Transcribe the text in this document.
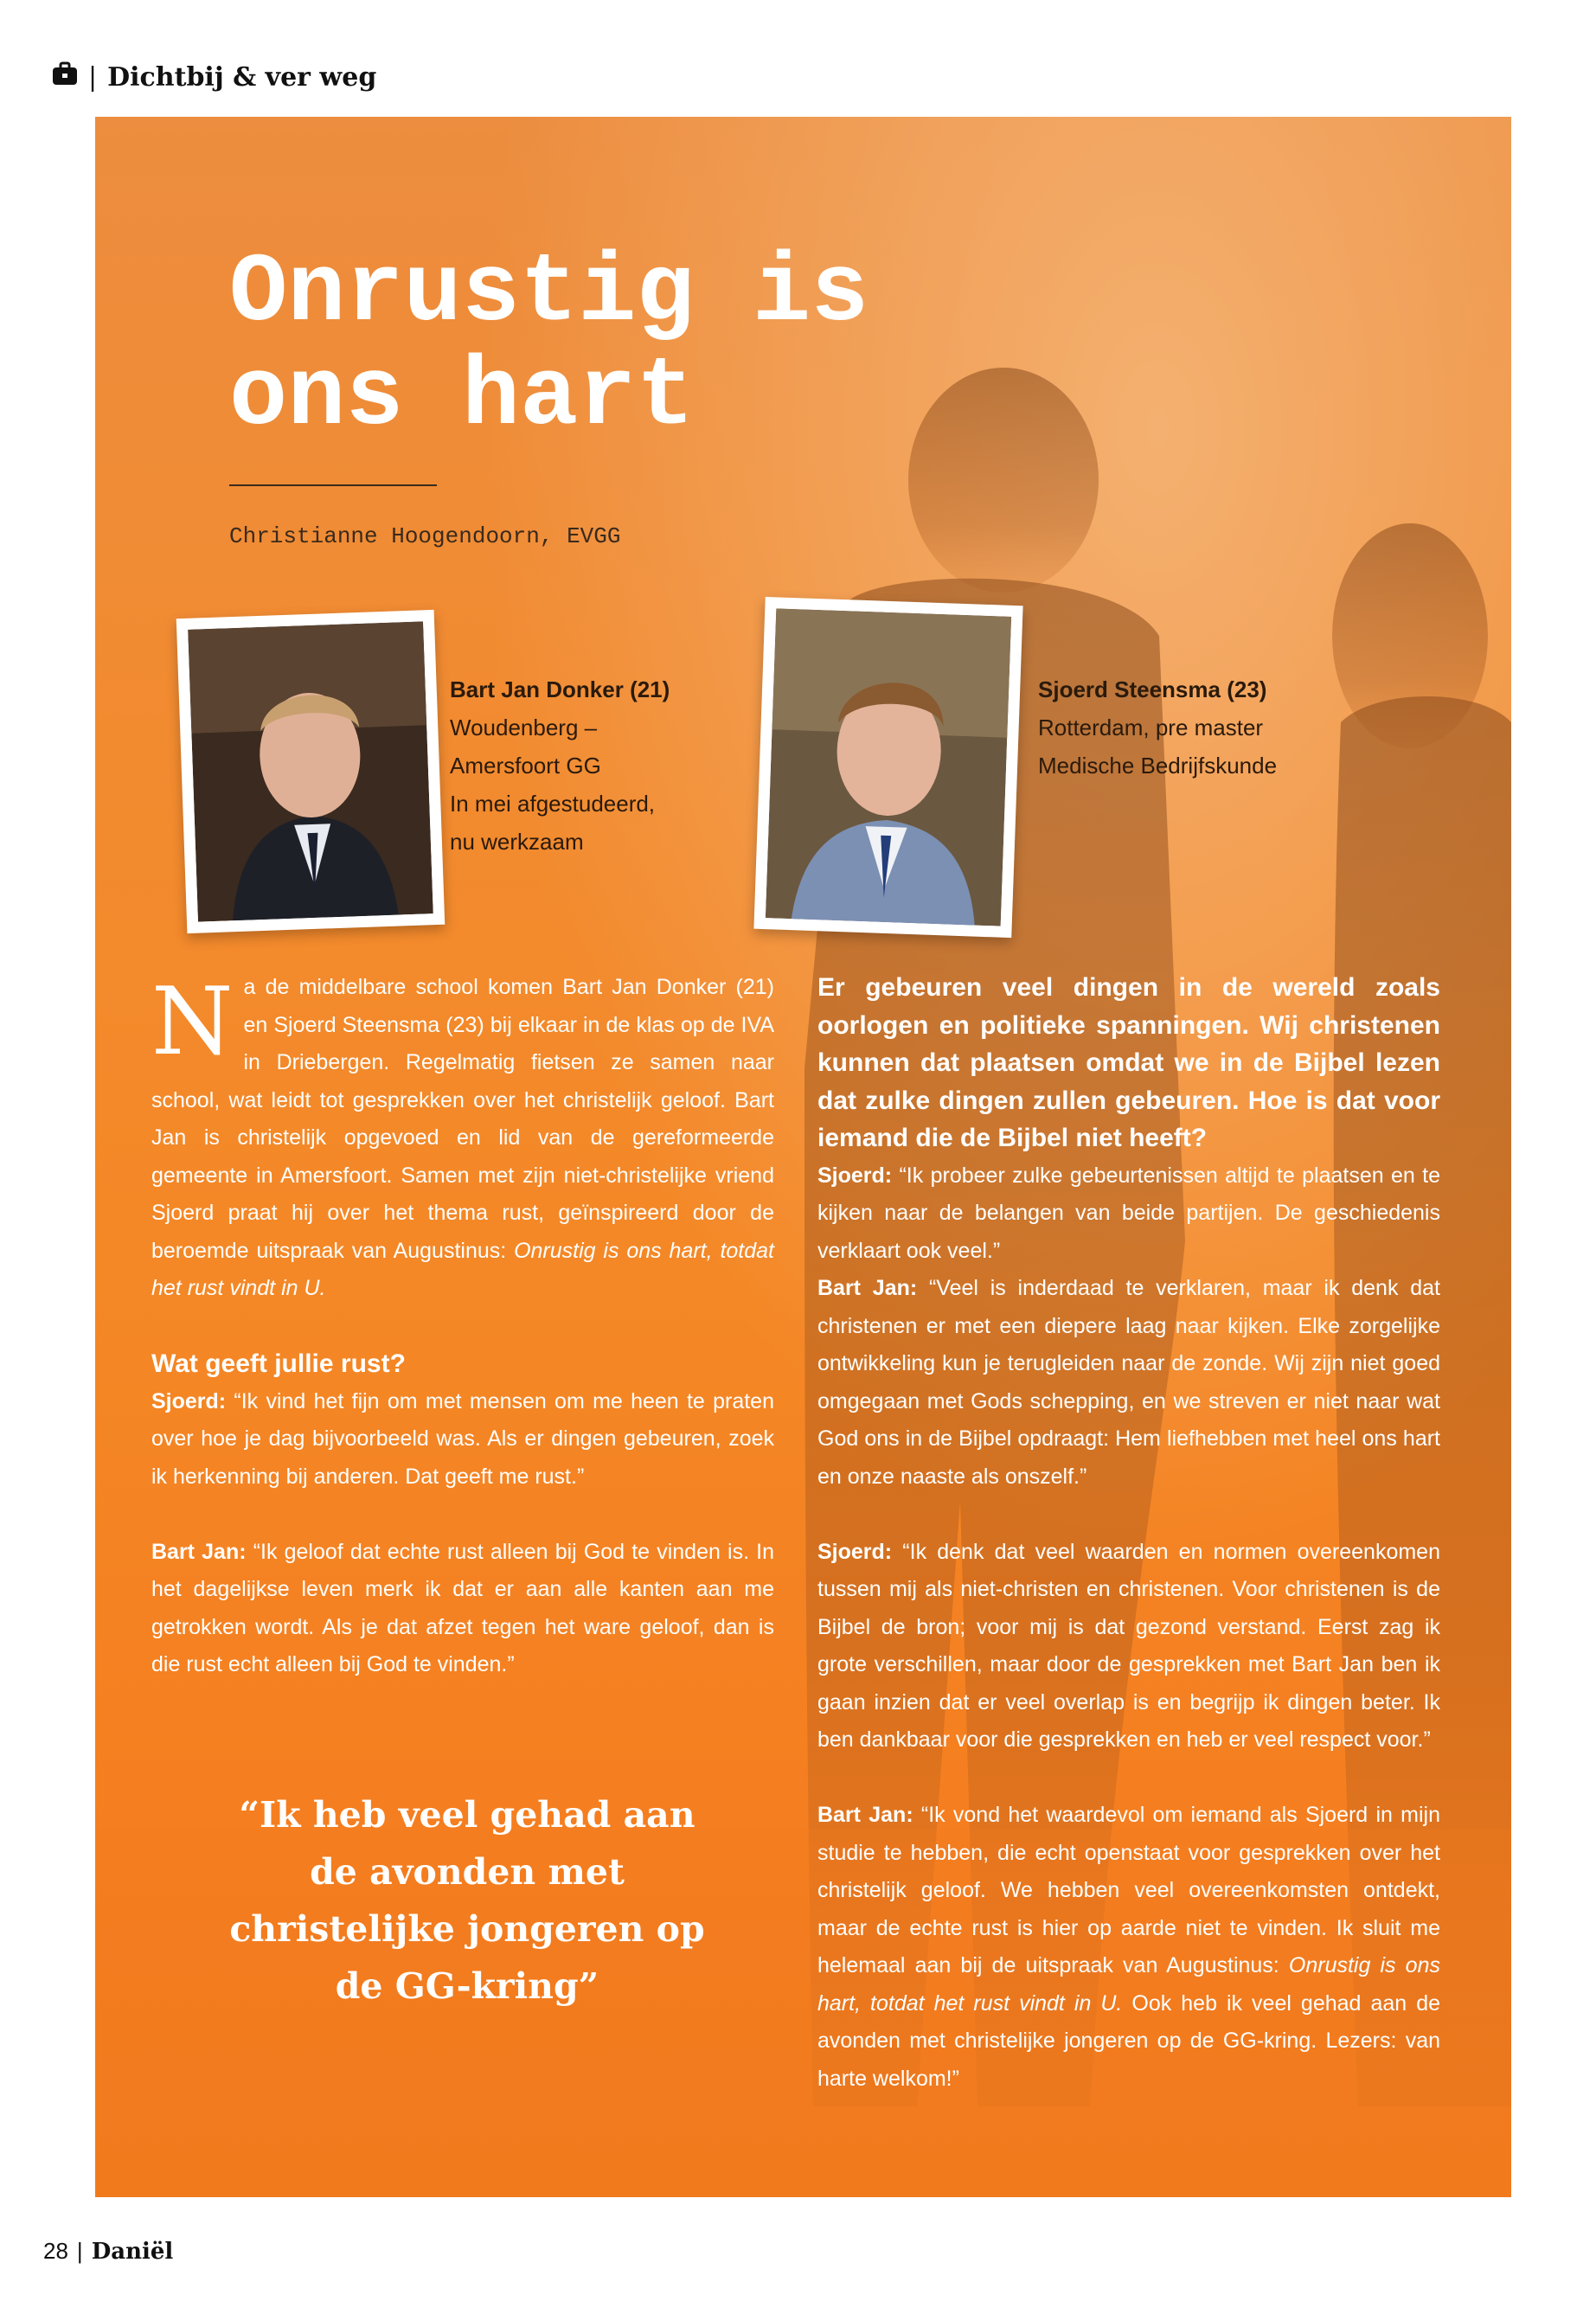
| Dichtbij & ver weg
Onrustig is
ons hart
Christianne Hoogendoorn, EVGG
Bart Jan Donker (21)
Woudenberg –
Amersfoort GG
In mei afgestudeerd,
nu werkzaam
Sjoerd Steensma (23)
Rotterdam, pre master
Medische Bedrijfskunde

Na de middelbare school komen Bart Jan Donker (21) en Sjoerd Steensma (23) bij elkaar in de klas op de IVA in Driebergen. Regelmatig fietsen ze samen naar school, wat leidt tot gesprekken over het christelijk geloof. Bart Jan is christelijk opgevoed en lid van de gereformeerde gemeente in Amersfoort. Samen met zijn niet-christelijke vriend Sjoerd praat hij over het thema rust, geïnspireerd door de beroemde uitspraak van Augustinus: Onrustig is ons hart, totdat het rust vindt in U.

Wat geeft jullie rust?

Sjoerd: “Ik vind het fijn om met mensen om me heen te praten over hoe je dag bijvoorbeeld was. Als er dingen gebeuren, zoek ik herkenning bij anderen. Dat geeft me rust.”

Bart Jan: “Ik geloof dat echte rust alleen bij God te vinden is. In het dagelijkse leven merk ik dat er aan alle kanten aan me getrokken wordt. Als je dat afzet tegen het ware geloof, dan is die rust echt alleen bij God te vinden.”

Er gebeuren veel dingen in de wereld zoals oorlogen en politieke spanningen. Wij christenen kunnen dat plaatsen omdat we in de Bijbel lezen dat zulke dingen zullen gebeuren. Hoe is dat voor iemand die de Bijbel niet heeft?

Sjoerd: “Ik probeer zulke gebeurtenissen altijd te plaatsen en te kijken naar de belangen van beide partijen. De geschiedenis verklaart ook veel.”

Bart Jan: “Veel is inderdaad te verklaren, maar ik denk dat christenen er met een diepere laag naar kijken. Elke zorgelijke ontwikkeling kun je terugleiden naar de zonde. Wij zijn niet goed omgegaan met Gods schepping, en we streven er niet naar wat God ons in de Bijbel opdraagt: Hem liefhebben met heel ons hart en onze naaste als onszelf.”

Sjoerd: “Ik denk dat veel waarden en normen overeenkomen tussen mij als niet-christen en christenen. Voor christenen is de Bijbel de bron; voor mij is dat gezond verstand. Eerst zag ik grote verschillen, maar door de gesprekken met Bart Jan ben ik gaan inzien dat er veel overlap is en begrijp ik dingen beter. Ik ben dankbaar voor die gesprekken en heb er veel respect voor.”

Bart Jan: “Ik vond het waardevol om iemand als Sjoerd in mijn studie te hebben, die echt openstaat voor gesprekken over het christelijk geloof. We hebben veel overeenkomsten ontdekt, maar de echte rust is hier op aarde niet te vinden. Ik sluit me helemaal aan bij de uitspraak van Augustinus: Onrustig is ons hart, totdat het rust vindt in U. Ook heb ik veel gehad aan de avonden met christelijke jongeren op de GG-kring. Lezers: van harte welkom!”

“Ik heb veel gehad aan de avonden met christelijke jongeren op de GG-kring”

28 | Daniël
